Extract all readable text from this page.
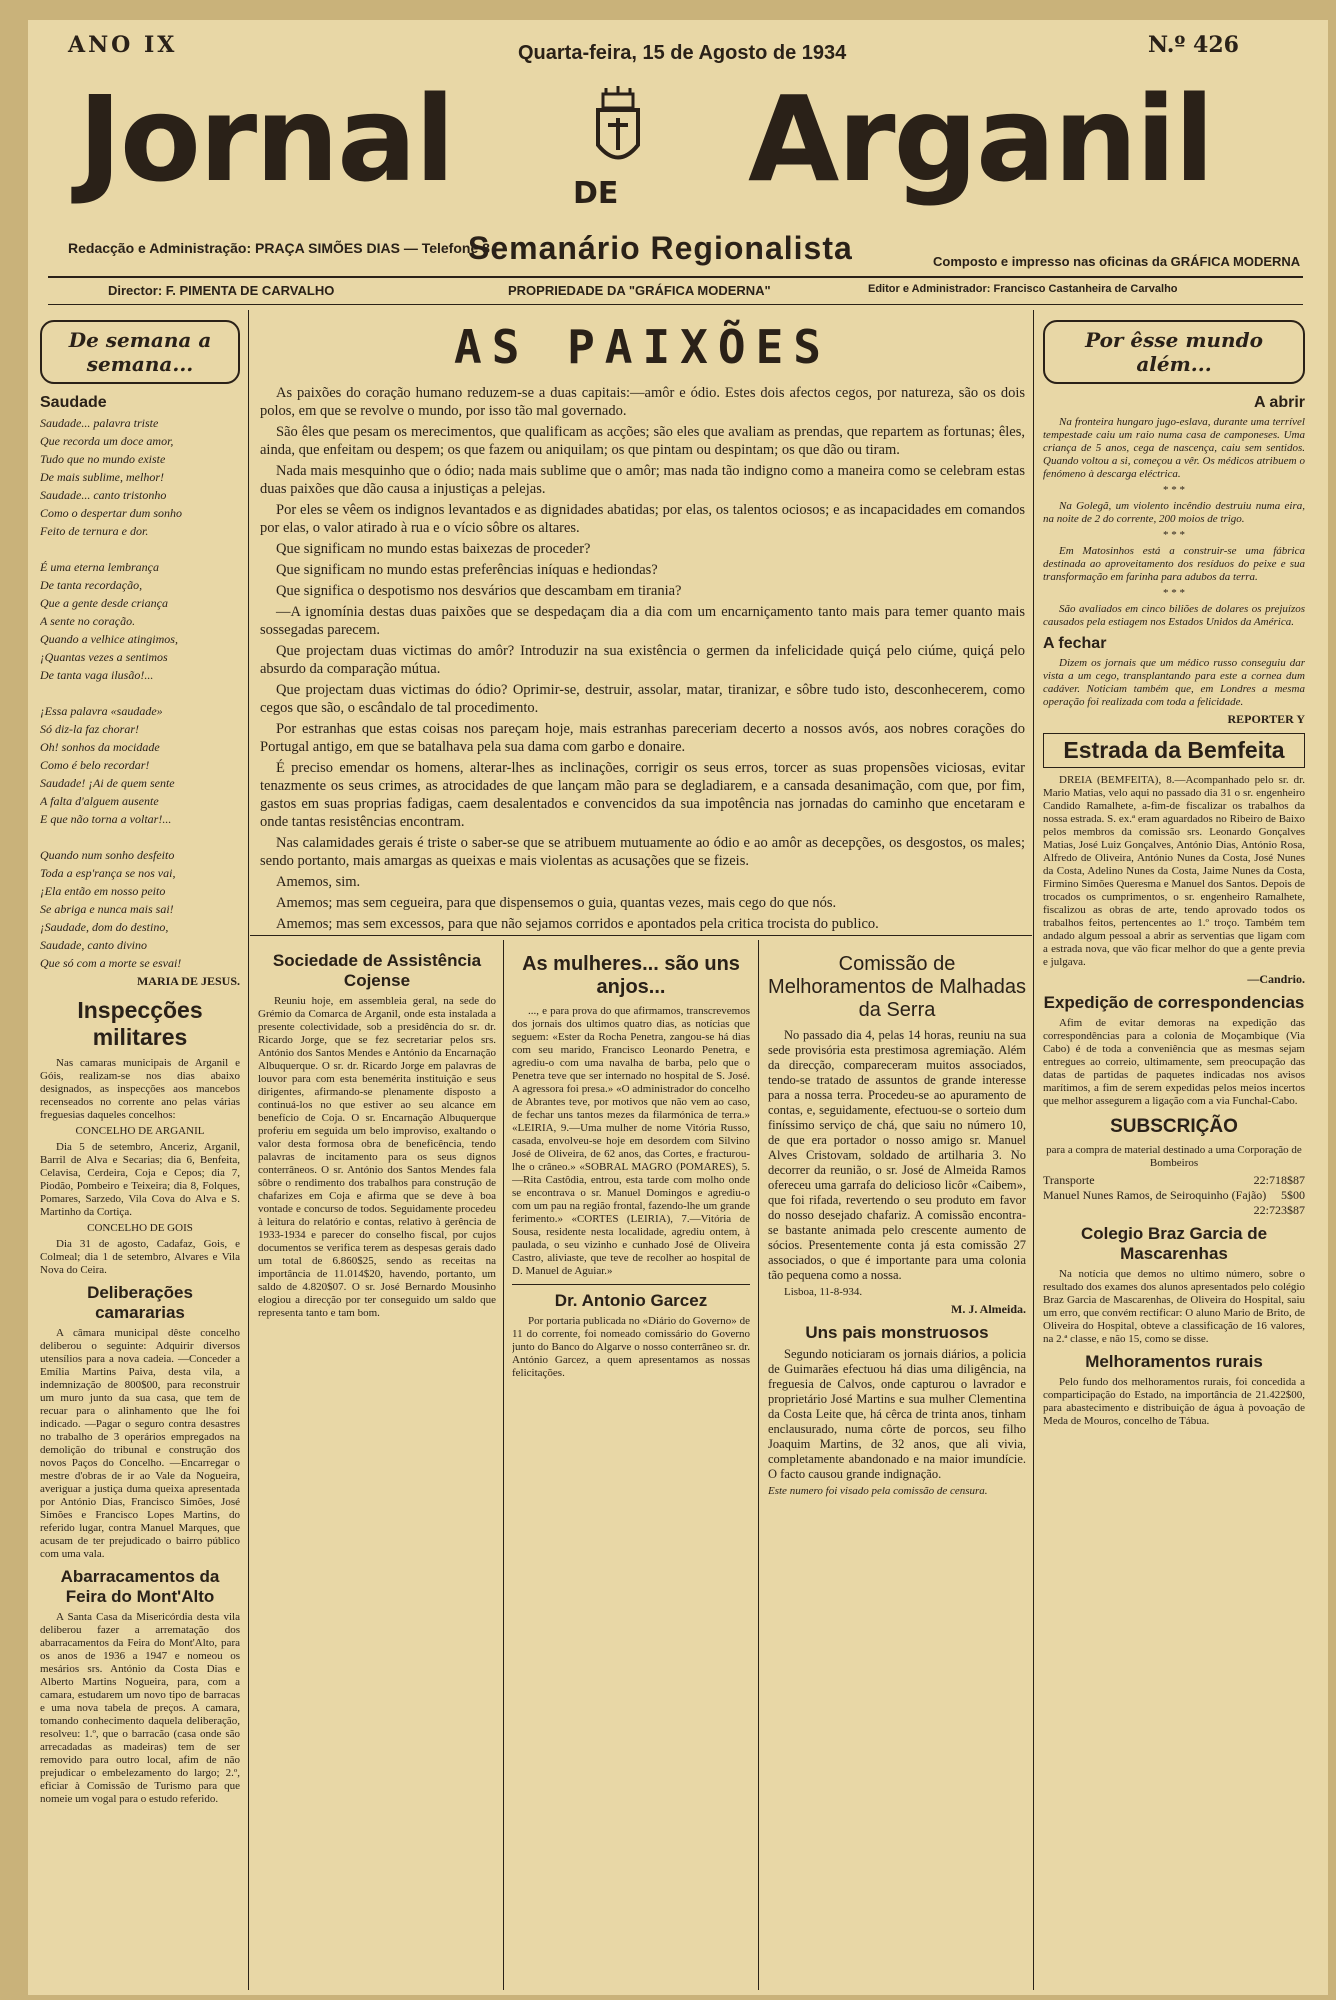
ANO IX	Quarta-feira, 15 de Agosto de 1934	N.º 426
Jornal	DE Arganil
Redacção e Administração: PRAÇA SIMÕES DIAS — Telefone 8
Semanário Regionalista	Composto e impresso nas oficinas da GRÁFICA MODERNA
Director: F. PIMENTA DE CARVALHO	PROPRIEDADE DA "GRÁFICA MODERNA"	Editor e Administrador: Francisco Castanheira de Carvalho
De semana a semana...
Saudade

Saudade... palavra triste

Que recorda um doce amor,

Tudo que no mundo existe

De mais sublime, melhor!

Saudade... canto tristonho

Como o despertar dum sonho

Feito de ternura e dor.

É uma eterna lembrança

De tanta recordação,

Que a gente desde criança

A sente no coração.

Quando a velhice atingimos,

¡Quantas vezes a sentimos

De tanta vaga ilusão!...

¡Essa palavra «saudade»

Só diz-la faz chorar!

Oh! sonhos da mocidade

Como é belo recordar!

Saudade! ¡Ai de quem sente

A falta d'alguem ausente

E que não torna a voltar!...

Quando num sonho desfeito

Toda a esp'rança se nos vai,

¡Ela então em nosso peito

Se abriga e nunca mais sai!

¡Saudade, dom do destino,

Saudade, canto divino

Que só com a morte se esvai!

MARIA DE JESUS.

Inspecções militares

Nas camaras municipais de Arganil e Góis, realizam-se nos dias abaixo designados, as inspecções aos mancebos recenseados no corrente ano pelas várias freguesias daqueles concelhos:

CONCELHO DE ARGANIL

Dia 5 de setembro, Anceriz, Arganil, Barril de Alva e Secarias; dia 6, Benfeita, Celavisa, Cerdeira, Coja e Cepos; dia 7, Piodão, Pombeiro e Teixeira; dia 8, Folques, Pomares, Sarzedo, Vila Cova do Alva e S. Martinho da Cortiça.

CONCELHO DE GOIS

Dia 31 de agosto, Cadafaz, Gois, e Colmeal; dia 1 de setembro, Alvares e Vila Nova do Ceira.

Deliberações camararias

A câmara municipal dêste concelho deliberou o seguinte: Adquirir diversos utensílios para a nova cadeia. —Conceder a Emília Martins Paiva, desta vila, a indemnização de 800$00, para reconstruir um muro junto da sua casa, que tem de recuar para o alinhamento que lhe foi indicado. —Pagar o seguro contra desastres no trabalho de 3 operários empregados na demolição do tribunal e construção dos novos Paços do Concelho. —Encarregar o mestre d'obras de ir ao Vale da Nogueira, averiguar a justiça duma queixa apresentada por António Dias, Francisco Simões, José Simões e Francisco Lopes Martins, do referido lugar, contra Manuel Marques, que acusam de ter prejudicado o bairro público com uma vala.

Abarracamentos da Feira do Mont'Alto

A Santa Casa da Misericórdia desta vila deliberou fazer a arrematação dos abarracamentos da Feira do Mont'Alto, para os anos de 1936 a 1947 e nomeou os mesários srs. António da Costa Dias e Alberto Martins Nogueira, para, com a camara, estudarem um novo tipo de barracas e uma nova tabela de preços. A camara, tomando conhecimento daquela deliberação, resolveu: 1.º, que o barracão (casa onde são arrecadadas as madeiras) tem de ser removido para outro local, afim de não prejudicar o embelezamento do largo; 2.º, eficiar à Comissão de Turismo para que nomeie um vogal para o estudo referido.

AS PAIXÕES

As paixões do coração humano reduzem-se a duas capitais:—amôr e ódio. Estes dois afectos cegos, por natureza, são os dois polos, em que se revolve o mundo, por isso tão mal governado.

São êles que pesam os merecimentos, que qualificam as acções; são eles que avaliam as prendas, que repartem as fortunas; êles, ainda, que enfeitam ou despem; os que fazem ou aniquilam; os que pintam ou despintam; os que dão ou tiram.

Nada mais mesquinho que o ódio; nada mais sublime que o amôr; mas nada tão indigno como a maneira como se celebram estas duas paixões que dão causa a injustiças a pelejas.

Por eles se vêem os indignos levantados e as dignidades abatidas; por elas, os talentos ociosos; e as incapacidades em comandos por elas, o valor atirado à rua e o vício sôbre os altares.

Que significam no mundo estas baixezas de proceder?

Que significam no mundo estas preferências iníquas e hediondas?

Que significa o despotismo nos desvários que descambam em tirania?

—A ignomínia destas duas paixões que se despedaçam dia a dia com um encarniçamento tanto mais para temer quanto mais sossegadas parecem.

Que projectam duas victimas do amôr? Introduzir na sua existência o germen da infelicidade quiçá pelo ciúme, quiçá pelo absurdo da comparação mútua.

Que projectam duas victimas do ódio? Oprimir-se, destruir, assolar, matar, tiranizar, e sôbre tudo isto, desconhecerem, como cegos que são, o escândalo de tal procedimento.

Por estranhas que estas coisas nos pareçam hoje, mais estranhas pareceriam decerto a nossos avós, aos nobres corações do Portugal antigo, em que se batalhava pela sua dama com garbo e donaire.

É preciso emendar os homens, alterar-lhes as inclinações, corrigir os seus erros, torcer as suas propensões viciosas, evitar tenazmente os seus crimes, as atrocidades de que lançam mão para se degladiarem, e a cansada desanimação, com que, por fim, gastos em suas proprias fadigas, caem desalentados e convencidos da sua impotência nas jornadas do caminho que encetaram e onde tantas resistências encontram.

Nas calamidades gerais é triste o saber-se que se atribuem mutuamente ao ódio e ao amôr as decepções, os desgostos, os males; sendo portanto, mais amargas as queixas e mais violentas as acusações que se fizeis.

Amemos, sim.

Amemos; mas sem cegueira, para que dispensemos o guia, quantas vezes, mais cego do que nós.

Amemos; mas sem excessos, para que não sejamos corridos e apontados pela critica trocista do publico.

Sociedade de Assistência Cojense

Reuniu hoje, em assembleia geral, na sede do Grémio da Comarca de Arganil, onde esta instalada a presente colectividade, sob a presidência do sr. dr. Ricardo Jorge, que se fez secretariar pelos srs. António dos Santos Mendes e António da Encarnação Albuquerque. O sr. dr. Ricardo Jorge em palavras de louvor para com esta benemérita instituição e seus dirigentes, afirmando-se plenamente disposto a continuá-los no que estiver ao seu alcance em benefício de Coja. O sr. Encarnação Albuquerque proferiu em seguida um belo improviso, exaltando o valor desta formosa obra de beneficência, tendo palavras de incitamento para os seus dignos conterrâneos. O sr. António dos Santos Mendes fala sôbre o rendimento dos trabalhos para construção de chafarizes em Coja e afirma que se deve à boa vontade e concurso de todos. Seguidamente procedeu à leitura do relatório e contas, relativo à gerência de 1933-1934 e parecer do conselho fiscal, por cujos documentos se verifica terem as despesas gerais dado um total de 6.860$25, sendo as receitas na importância de 11.014$20, havendo, portanto, um saldo de 4.820$07. O sr. José Bernardo Mousinho elogiou a direcção por ter conseguido um saldo que representa tanto e tam bom.

As mulheres... são uns anjos...

..., e para prova do que afirmamos, transcrevemos dos jornais dos ultimos quatro dias, as notícias que seguem: «Ester da Rocha Penetra, zangou-se há dias com seu marido, Francisco Leonardo Penetra, e agrediu-o com uma navalha de barba, pelo que o Penetra teve que ser internado no hospital de S. José. A agressora foi presa.» «O administrador do concelho de Abrantes teve, por motivos que não vem ao caso, de fechar uns tantos mezes da filarmónica de terra.» «LEIRIA, 9.—Uma mulher de nome Vitória Russo, casada, envolveu-se hoje em desordem com Silvino José de Oliveira, de 62 anos, das Cortes, e fracturou-lhe o crâneo.» «SOBRAL MAGRO (POMARES), 5.—Rita Castôdia, entrou, esta tarde com molho onde se encontrava o sr. Manuel Domingos e agrediu-o com um pau na região frontal, fazendo-lhe um grande ferimento.» «CORTES (LEIRIA), 7.—Vitória de Sousa, residente nesta localidade, agrediu ontem, à paulada, o seu vizinho e cunhado José de Oliveira Castro, aliviaste, que teve de recolher ao hospital de D. Manuel de Aguiar.»

Dr. Antonio Garcez

Por portaria publicada no «Diário do Governo» de 11 do corrente, foi nomeado comissário do Governo junto do Banco do Algarve o nosso conterrâneo sr. dr. António Garcez, a quem apresentamos as nossas felicitações.

Comissão de Melhoramentos de Malhadas da Serra

No passado dia 4, pelas 14 horas, reuniu na sua sede provisória esta prestimosa agremiação. Além da direcção, compareceram muitos associados, tendo-se tratado de assuntos de grande interesse para a nossa terra. Procedeu-se ao apuramento de contas, e, seguidamente, efectuou-se o sorteio dum finíssimo serviço de chá, que saiu no número 10, de que era portador o nosso amigo sr. Manuel Alves Cristovam, soldado de artilharia 3. No decorrer da reunião, o sr. José de Almeida Ramos ofereceu uma garrafa do delicioso licôr «Caibem», que foi rifada, revertendo o seu produto em favor do nosso desejado chafariz. A comissão encontra-se bastante animada pelo crescente aumento de sócios. Presentemente conta já esta comissão 27 associados, o que é importante para uma colonia tão pequena como a nossa.

Lisboa, 11-8-934.

M. J. Almeida.

Uns pais monstruosos

Segundo noticiaram os jornais diários, a policia de Guimarães efectuou há dias uma diligência, na freguesia de Calvos, onde capturou o lavrador e proprietário José Martins e sua mulher Clementina da Costa Leite que, há cêrca de trinta anos, tinham enclausurado, numa côrte de porcos, seu filho Joaquim Martins, de 32 anos, que ali vivia, completamente abandonado e na maior imundície. O facto causou grande indignação.

Este numero foi visado pela comissão de censura.

Por êsse mundo além...
A abrir

Na fronteira hungaro jugo-eslava, durante uma terrível tempestade caiu um raio numa casa de camponeses. Uma criança de 5 anos, cega de nascença, caiu sem sentidos. Quando voltou a si, começou a vêr. Os médicos atribuem o fenómeno à descarga eléctrica.

* * *

Na Golegã, um violento incêndio destruiu numa eira, na noite de 2 do corrente, 200 moios de trigo.

* * *

Em Matosinhos está a construir-se uma fábrica destinada ao aproveitamento dos resíduos do peixe e sua transformação em farinha para adubos da terra.

* * *

São avaliados em cinco biliões de dolares os prejuízos causados pela estiagem nos Estados Unidos da América.

A fechar

Dizem os jornais que um médico russo conseguiu dar vista a um cego, transplantando para este a cornea dum cadáver. Noticiam também que, em Londres a mesma operação foi realizada com toda a felicidade.

REPORTER Y

Estrada da Bemfeita

DREIA (BEMFEITA), 8.—Acompanhado pelo sr. dr. Mario Matias, velo aqui no passado dia 31 o sr. engenheiro Candido Ramalhete, a-fim-de fiscalizar os trabalhos da nossa estrada. S. ex.ª eram aguardados no Ribeiro de Baixo pelos membros da comissão srs. Leonardo Gonçalves Matias, José Luiz Gonçalves, António Dias, António Rosa, Alfredo de Oliveira, António Nunes da Costa, José Nunes da Costa, Adelino Nunes da Costa, Jaime Nunes da Costa, Firmino Simões Queresma e Manuel dos Santos. Depois de trocados os cumprimentos, o sr. engenheiro Ramalhete, fiscalizou as obras de arte, tendo aprovado todos os trabalhos feitos, pertencentes ao 1.º troço. Também tem andado algum pessoal a abrir as serventias que ligam com a estrada nova, que vão ficar melhor do que a gente previa e julgava.

—Candrio.

Expedição de correspondencias

Afim de evitar demoras na expedição das correspondências para a colonia de Moçambique (Via Cabo) é de toda a conveniência que as mesmas sejam entregues ao correio, ultimamente, sem preocupação das datas de partidas de paquetes indicadas nos avisos marítimos, a fim de serem expedidas pelos meios incertos que melhor assegurem a ligação com a via Funchal-Cabo.

SUBSCRIÇÃO

para a compra de material destinado a uma Corporação de Bombeiros

Transporte	22:718$87
Manuel Nunes Ramos, de Seiroquinho (Fajão) 5$00
22:723$87
Colegio Braz Garcia de Mascarenhas

Na notícia que demos no ultimo número, sobre o resultado dos exames dos alunos apresentados pelo colégio Braz Garcia de Mascarenhas, de Oliveira do Hospital, saiu um erro, que convém rectificar: O aluno Mario de Brito, de Oliveira do Hospital, obteve a classificação de 16 valores, na 2.ª classe, e não 15, como se disse.

Melhoramentos rurais

Pelo fundo dos melhoramentos rurais, foi concedida a comparticipação do Estado, na importância de 21.422$00, para abastecimento e distribuição de água à povoação de Meda de Mouros, concelho de Tábua.
